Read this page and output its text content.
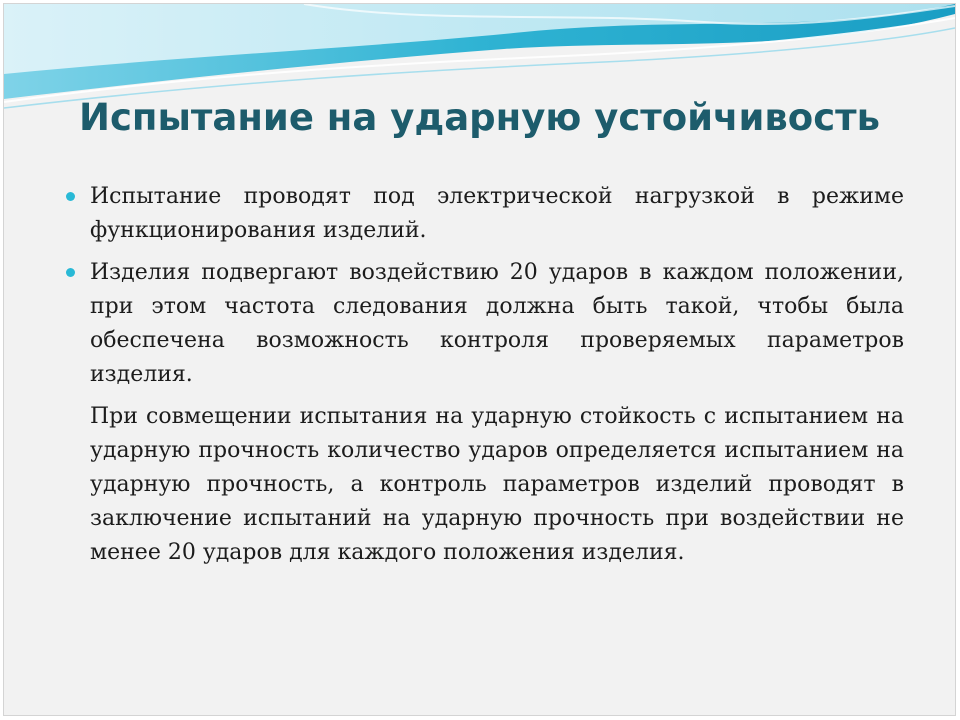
Испытание на ударную устойчивость
Испытание проводят под электрической нагрузкой в режиме функционирования изделий.
Изделия подвергают воздействию 20 ударов в каждом положении, при этом частота следования должна быть такой, чтобы была обеспечена возможность контроля проверяемых параметров изделия.
При совмещении испытания на ударную стойкость с испытанием на ударную прочность количество ударов определяется испытанием на ударную прочность, а контроль параметров изделий проводят в заключение испытаний на ударную прочность при воздействии не менее 20 ударов для каждого положения изделия.
